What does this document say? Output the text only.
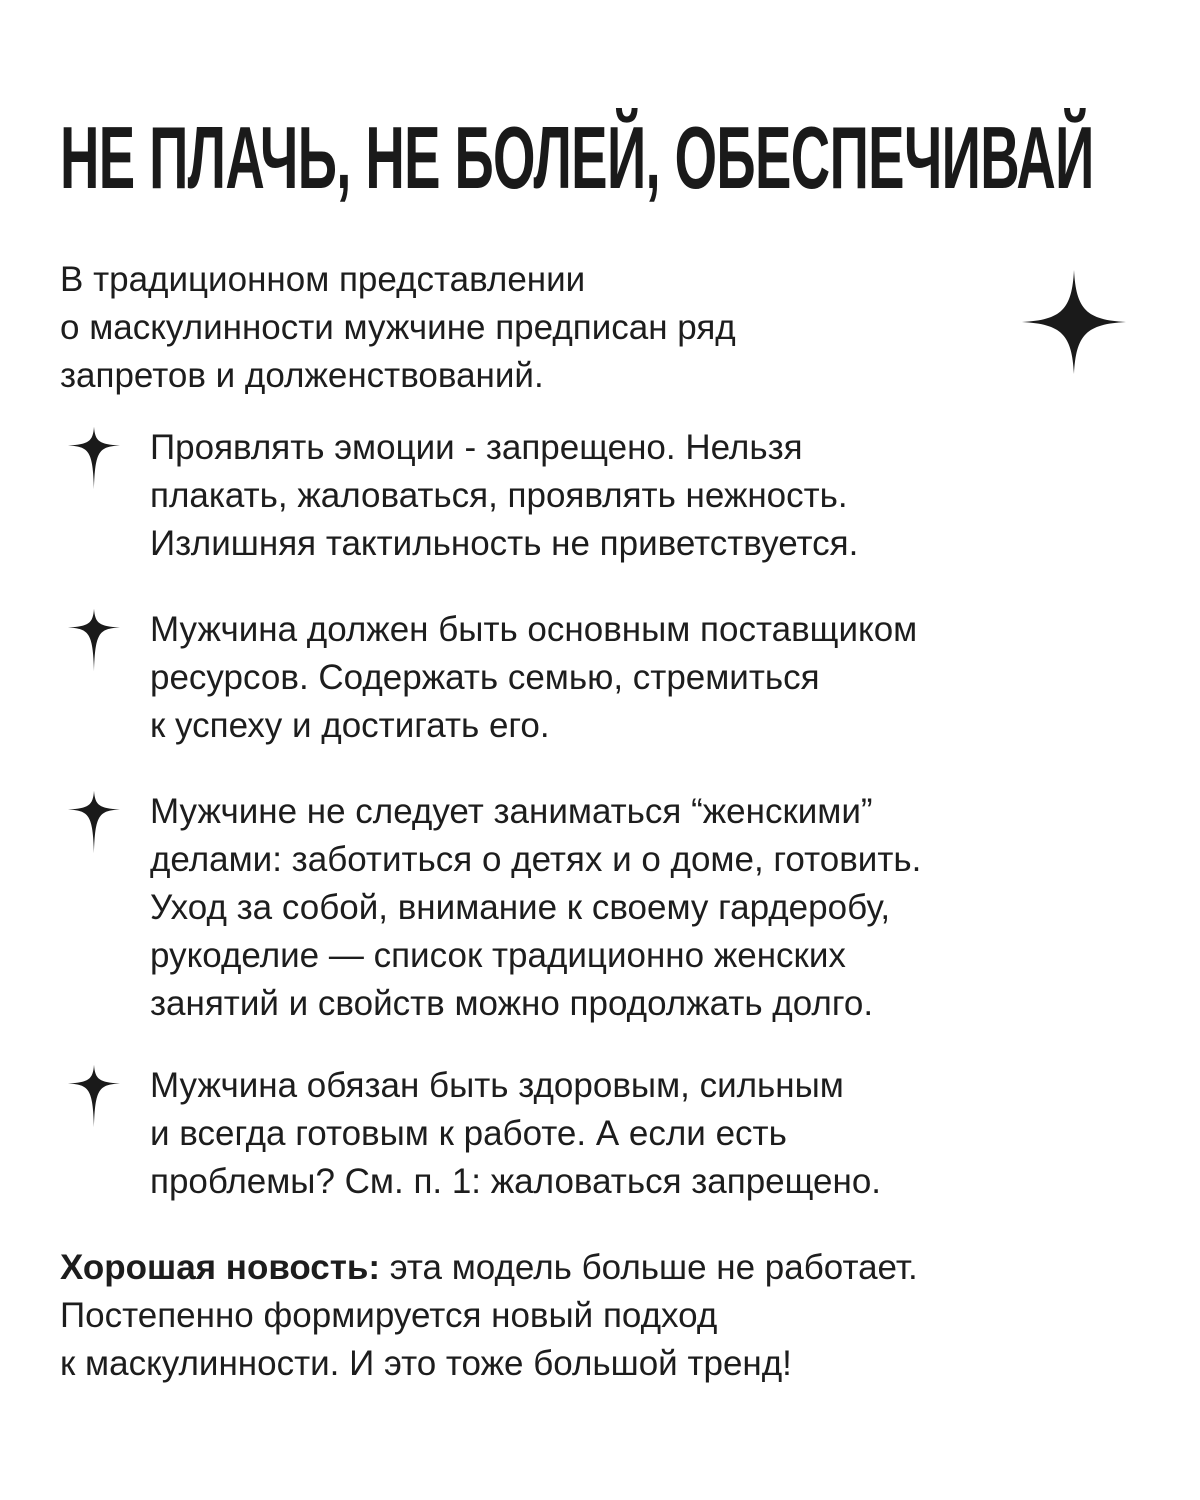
НЕ ПЛАЧЬ, НЕ БОЛЕЙ, ОБЕСПЕЧИВАЙ
В традиционном представлении
о маскулинности мужчине предписан ряд
запретов и долженствований.
Проявлять эмоции - запрещено. Нельзя
плакать, жаловаться, проявлять нежность.
Излишняя тактильность не приветствуется.
Мужчина должен быть основным поставщиком
ресурсов. Содержать семью, стремиться
к успеху и достигать его.
Мужчине не следует заниматься “женскими”
делами: заботиться о детях и о доме, готовить.
Уход за собой, внимание к своему гардеробу,
рукоделие — список традиционно женских
занятий и свойств можно продолжать долго.
Мужчина обязан быть здоровым, сильным
и всегда готовым к работе. А если есть
проблемы? См. п. 1: жаловаться запрещено.
Хорошая новость: эта модель больше не работает.
Постепенно формируется новый подход
к маскулинности. И это тоже большой тренд!
